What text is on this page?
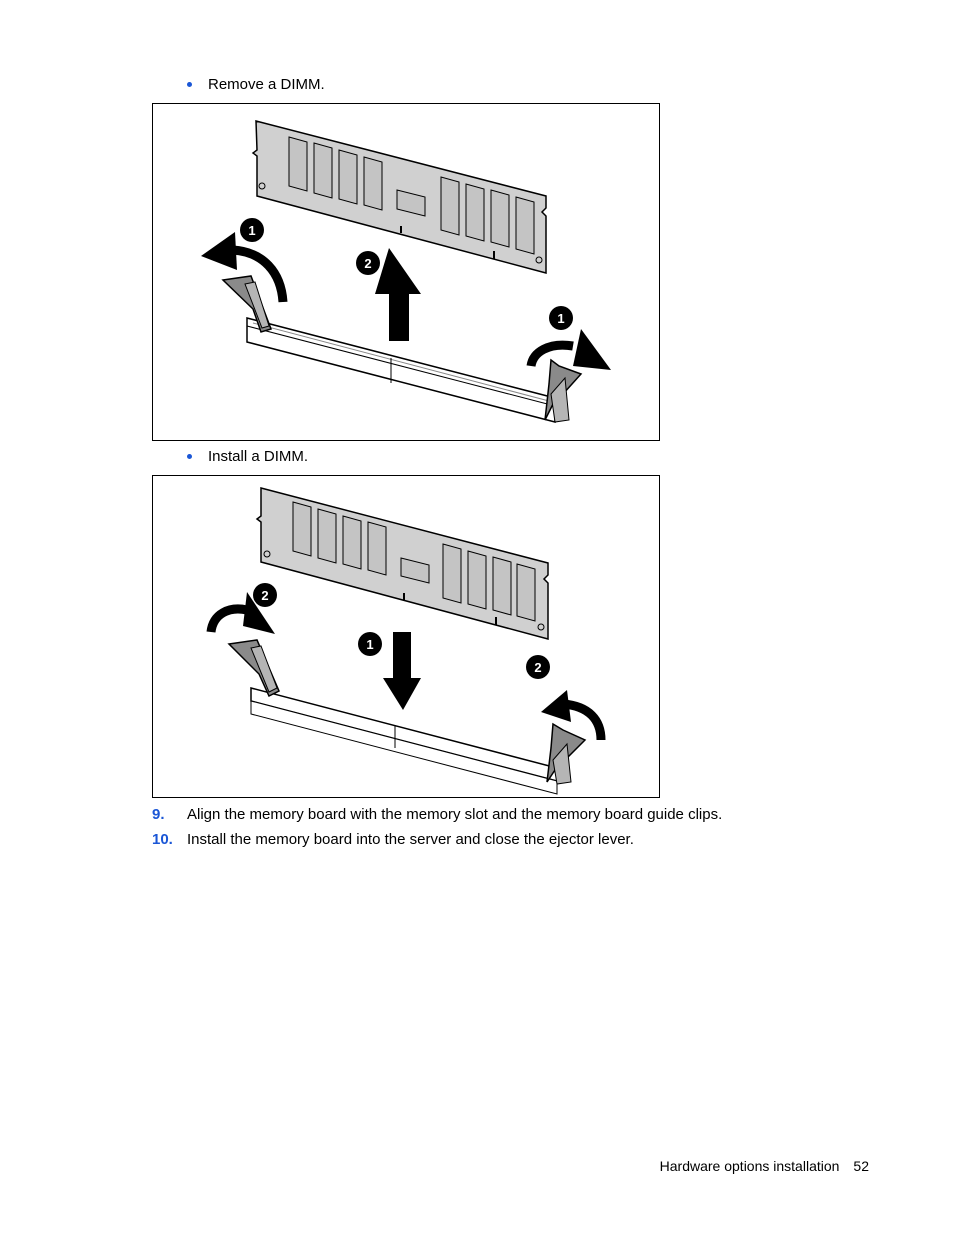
Remove a DIMM.
1
2
1
Install a DIMM.
2
1
2
9. Align the memory board with the memory slot and the memory board guide clips.
10. Install the memory board into the server and close the ejector lever.
Hardware options installation 52
